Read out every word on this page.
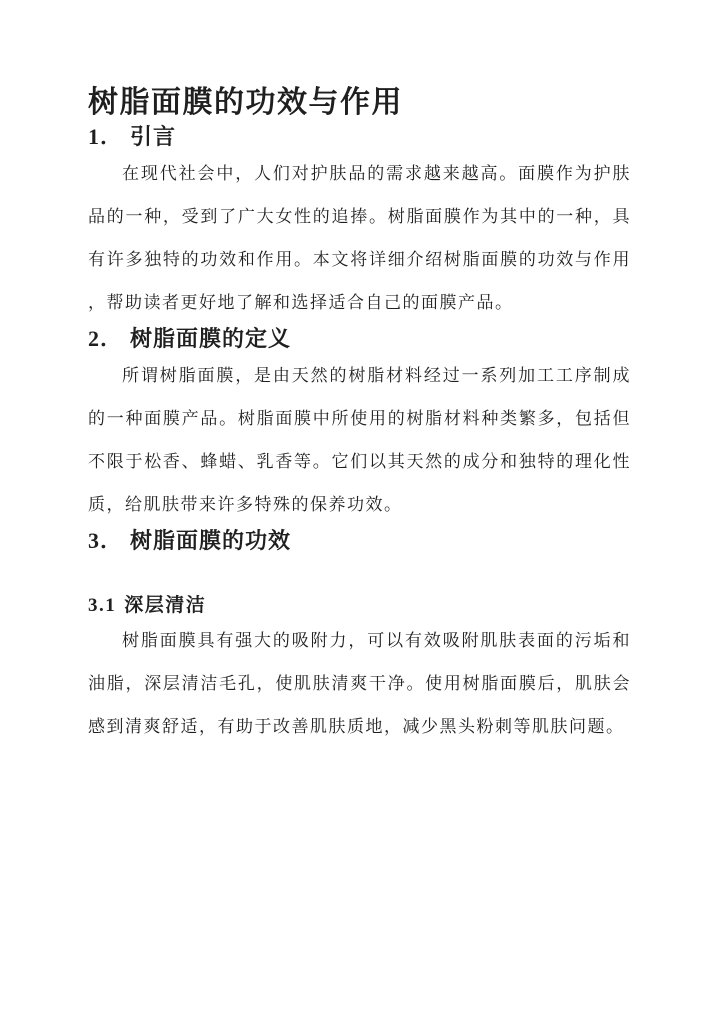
树脂面膜的功效与作用
1． 引言

在现代社会中，人们对护肤品的需求越来越高。面膜作为护肤品的一种，受到了广大女性的追捧。树脂面膜作为其中的一种，具有许多独特的功效和作用。本文将详细介绍树脂面膜的功效与作用，帮助读者更好地了解和选择适合自己的面膜产品。

2． 树脂面膜的定义

所谓树脂面膜，是由天然的树脂材料经过一系列加工工序制成的一种面膜产品。树脂面膜中所使用的树脂材料种类繁多，包括但不限于松香、蜂蜡、乳香等。它们以其天然的成分和独特的理化性质，给肌肤带来许多特殊的保养功效。

3． 树脂面膜的功效
3.1 深层清洁

树脂面膜具有强大的吸附力，可以有效吸附肌肤表面的污垢和油脂，深层清洁毛孔，使肌肤清爽干净。使用树脂面膜后，肌肤会感到清爽舒适，有助于改善肌肤质地，减少黑头粉刺等肌肤问题。
